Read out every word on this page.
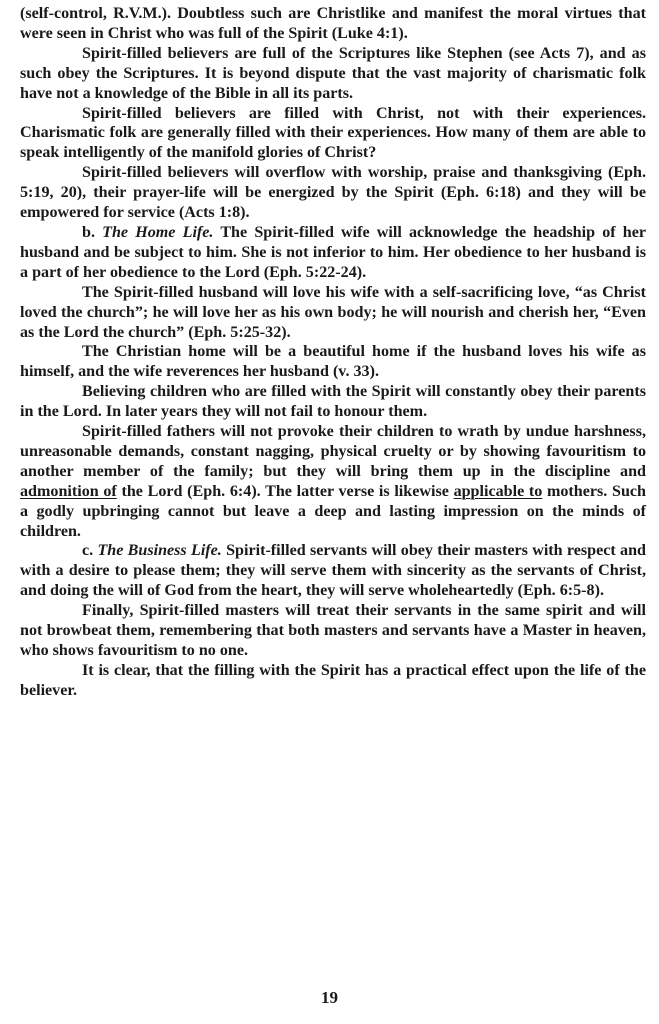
(self-control, R.V.M.). Doubtless such are Christlike and manifest the moral virtues that were seen in Christ who was full of the Spirit (Luke 4:1).

Spirit-filled believers are full of the Scriptures like Stephen (see Acts 7), and as such obey the Scriptures. It is beyond dispute that the vast majority of charismatic folk have not a knowledge of the Bible in all its parts.

Spirit-filled believers are filled with Christ, not with their experiences. Charismatic folk are generally filled with their experiences. How many of them are able to speak intelligently of the manifold glories of Christ?

Spirit-filled believers will overflow with worship, praise and thanksgiving (Eph. 5:19, 20), their prayer-life will be energized by the Spirit (Eph. 6:18) and they will be empowered for service (Acts 1:8).

b. The Home Life. The Spirit-filled wife will acknowledge the headship of her husband and be subject to him. She is not inferior to him. Her obedience to her husband is a part of her obedience to the Lord (Eph. 5:22-24).

The Spirit-filled husband will love his wife with a self-sacrificing love, “as Christ loved the church”; he will love her as his own body; he will nourish and cherish her, “Even as the Lord the church” (Eph. 5:25-32).

The Christian home will be a beautiful home if the husband loves his wife as himself, and the wife reverences her husband (v. 33).

Believing children who are filled with the Spirit will constantly obey their parents in the Lord. In later years they will not fail to honour them.

Spirit-filled fathers will not provoke their children to wrath by undue harshness, unreasonable demands, constant nagging, physical cruelty or by showing favouritism to another member of the family; but they will bring them up in the discipline and admonition of the Lord (Eph. 6:4). The latter verse is likewise applicable to mothers. Such a godly upbringing cannot but leave a deep and lasting impression on the minds of children.

c. The Business Life. Spirit-filled servants will obey their masters with respect and with a desire to please them; they will serve them with sincerity as the servants of Christ, and doing the will of God from the heart, they will serve wholeheartedly (Eph. 6:5-8).

Finally, Spirit-filled masters will treat their servants in the same spirit and will not browbeat them, remembering that both masters and servants have a Master in heaven, who shows favouritism to no one.

It is clear, that the filling with the Spirit has a practical effect upon the life of the believer.

19
